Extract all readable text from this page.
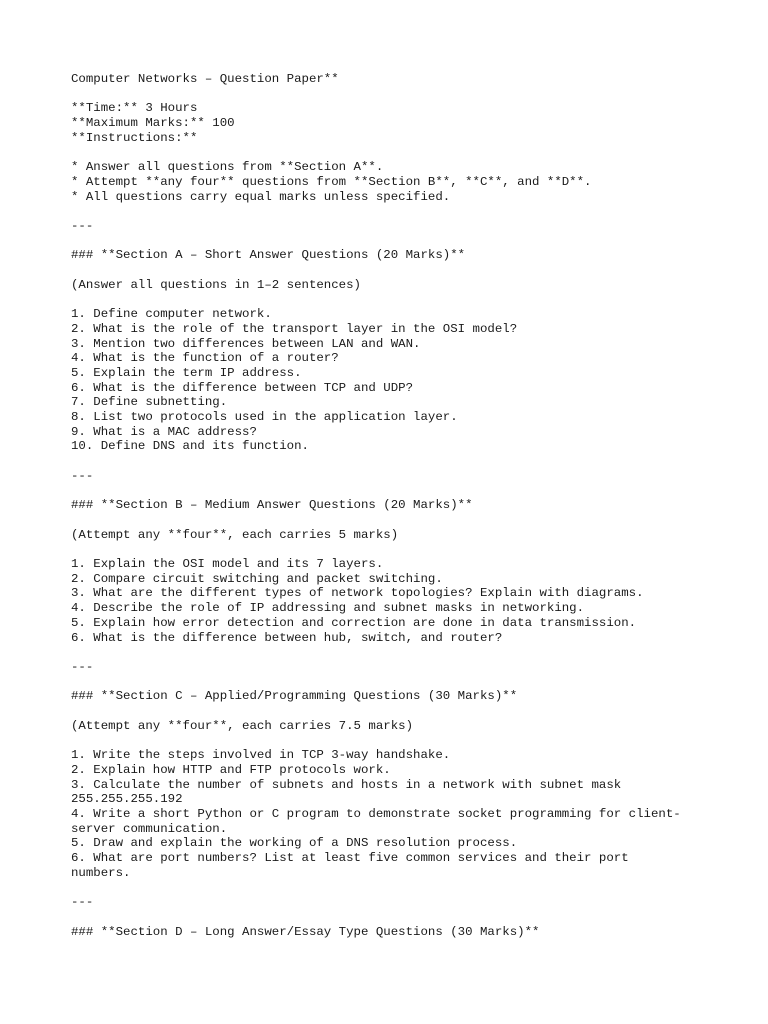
Computer Networks – Question Paper**
**Time:** 3 Hours
**Maximum Marks:** 100
**Instructions:**
* Answer all questions from **Section A**.
* Attempt **any four** questions from **Section B**, **C**, and **D**.
* All questions carry equal marks unless specified.
---
### **Section A – Short Answer Questions (20 Marks)**
(Answer all questions in 1–2 sentences)
1. Define computer network.
2. What is the role of the transport layer in the OSI model?
3. Mention two differences between LAN and WAN.
4. What is the function of a router?
5. Explain the term IP address.
6. What is the difference between TCP and UDP?
7. Define subnetting.
8. List two protocols used in the application layer.
9. What is a MAC address?
10. Define DNS and its function.
---
### **Section B – Medium Answer Questions (20 Marks)**
(Attempt any **four**, each carries 5 marks)
1. Explain the OSI model and its 7 layers.
2. Compare circuit switching and packet switching.
3. What are the different types of network topologies? Explain with diagrams.
4. Describe the role of IP addressing and subnet masks in networking.
5. Explain how error detection and correction are done in data transmission.
6. What is the difference between hub, switch, and router?
---
### **Section C – Applied/Programming Questions (30 Marks)**
(Attempt any **four**, each carries 7.5 marks)
1. Write the steps involved in TCP 3-way handshake.
2. Explain how HTTP and FTP protocols work.
3. Calculate the number of subnets and hosts in a network with subnet mask
255.255.255.192
4. Write a short Python or C program to demonstrate socket programming for client-
server communication.
5. Draw and explain the working of a DNS resolution process.
6. What are port numbers? List at least five common services and their port
numbers.
---
### **Section D – Long Answer/Essay Type Questions (30 Marks)**
